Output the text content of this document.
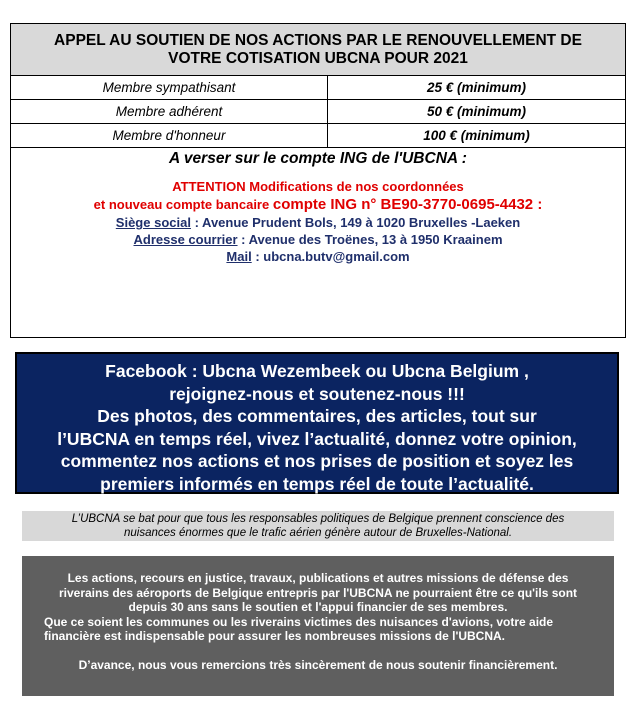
APPEL AU SOUTIEN DE NOS ACTIONS PAR LE RENOUVELLEMENT DE
VOTRE COTISATION UBCNA POUR 2021
Membre sympathisant	25 € (minimum)
Membre adhérent	50 € (minimum)
Membre d'honneur	100 € (minimum)
A verser sur le compte ING de l'UBCNA :
ATTENTION Modifications de nos coordonnées
et nouveau compte bancaire compte ING n° BE90-3770-0695-4432 :
Siège social : Avenue Prudent Bols, 149 à 1020 Bruxelles -Laeken
Adresse courrier : Avenue des Troënes, 13 à 1950 Kraainem
Mail : ubcna.butv@gmail.com
Facebook : Ubcna Wezembeek ou Ubcna Belgium ,
rejoignez-nous et soutenez-nous !!!
Des photos, des commentaires, des articles, tout sur
l’UBCNA en temps réel, vivez l’actualité, donnez votre opinion,
commentez nos actions et nos prises de position et soyez les
premiers informés en temps réel de toute l’actualité.
L’UBCNA se bat pour que tous les responsables politiques de Belgique prennent conscience des
nuisances énormes que le trafic aérien génère autour de Bruxelles-National.
Les actions, recours en justice, travaux, publications et autres missions de défense des
riverains des aéroports de Belgique entrepris par l'UBCNA ne pourraient être ce qu'ils sont
depuis 30 ans sans le soutien et l'appui financier de ses membres.
Que ce soient les communes ou les riverains victimes des nuisances d'avions, votre aide
financière est indispensable pour assurer les nombreuses missions de l'UBCNA.
D’avance, nous vous remercions très sincèrement de nous soutenir financièrement.
